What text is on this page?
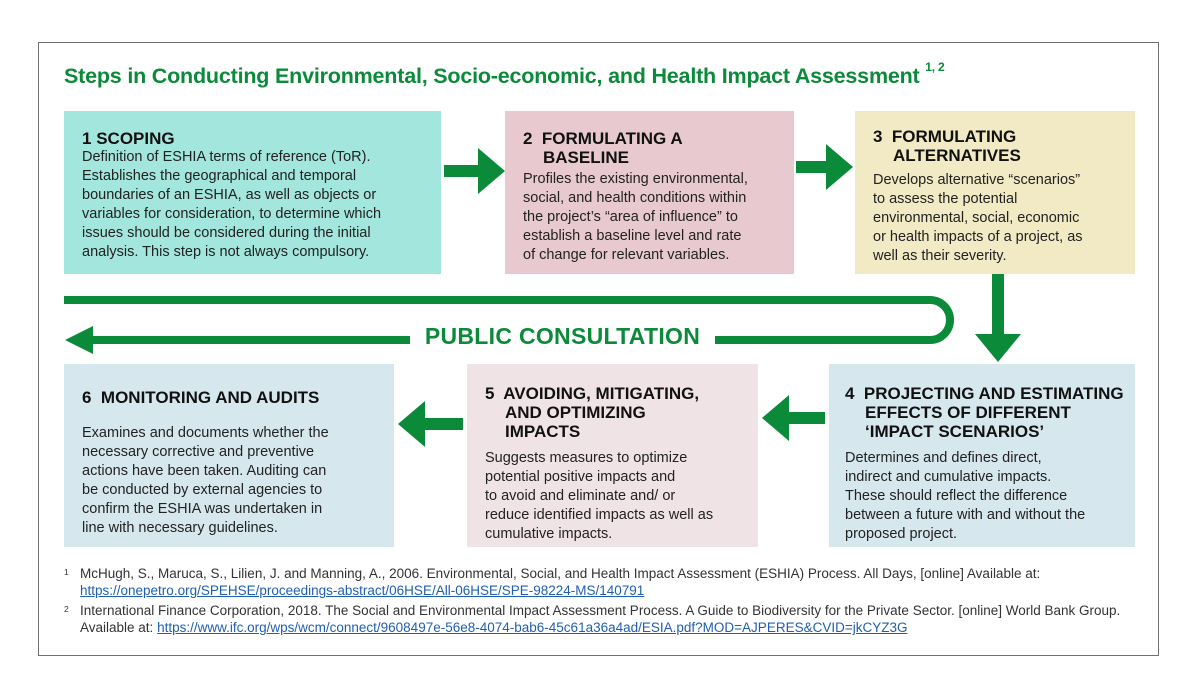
Steps in Conducting Environmental, Socio-economic, and Health Impact Assessment $^{1, 2}$
PUBLIC CONSULTATION
1 SCOPING

Definition of ESHIA terms of reference (ToR).
Establishes the geographical and temporal
boundaries of an ESHIA, as well as objects or
variables for consideration, to determine which
issues should be considered during the initial
analysis. This step is not always compulsory.

2 FORMULATING A
BASELINE

Profiles the existing environmental,
social, and health conditions within
the project’s “area of influence” to
establish a baseline level and rate
of change for relevant variables.

3 FORMULATING
ALTERNATIVES

Develops alternative “scenarios”
to assess the potential
environmental, social, economic
or health impacts of a project, as
well as their severity.

4 PROJECTING AND ESTIMATING
EFFECTS OF DIFFERENT
‘IMPACT SCENARIOS’

Determines and defines direct,
indirect and cumulative impacts.
These should reflect the difference
between a future with and without the
proposed project.

5 AVOIDING, MITIGATING,
AND OPTIMIZING
IMPACTS

Suggests measures to optimize
potential positive impacts and
to avoid and eliminate and/ or
reduce identified impacts as well as
cumulative impacts.

6 MONITORING AND AUDITS

Examines and documents whether the
necessary corrective and preventive
actions have been taken. Auditing can
be conducted by external agencies to
confirm the ESHIA was undertaken in
line with necessary guidelines.

1 McHugh, S., Maruca, S., Lilien, J. and Manning, A., 2006. Environmental, Social, and Health Impact Assessment (ESHIA) Process. All Days, [online] Available at:
https://onepetro.org/SPEHSE/proceedings-abstract/06HSE/All-06HSE/SPE-98224-MS/140791
2 International Finance Corporation, 2018. The Social and Environmental Impact Assessment Process. A Guide to Biodiversity for the Private Sector. [online] World Bank Group. Available at: https://www.ifc.org/wps/wcm/connect/9608497e-56e8-4074-bab6-45c61a36a4ad/ESIA.pdf?MOD=AJPERES&CVID=jkCYZ3G
